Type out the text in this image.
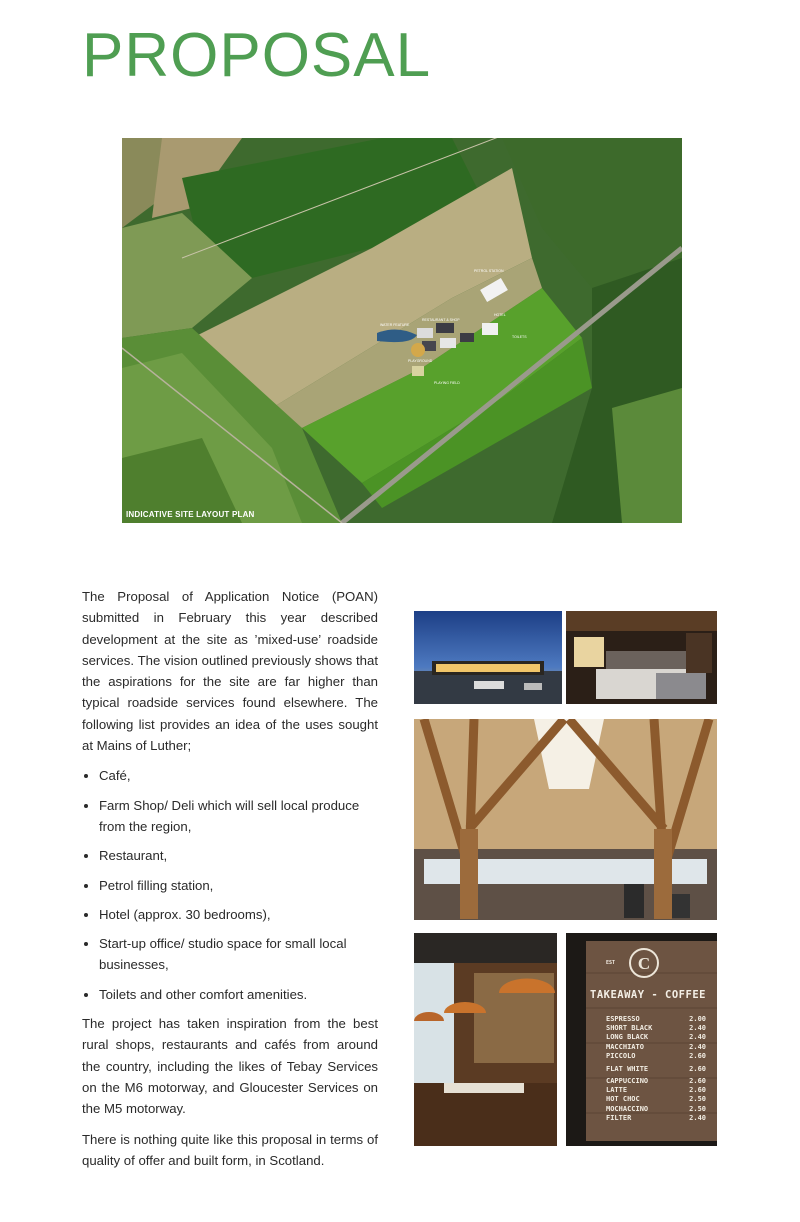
PROPOSAL
PETROL STATION
RESTAURANT & SHOP
HOTEL
TOILETS
PLAYGROUND
WATER FEATURE
PLAYING FIELD
INDICATIVE SITE LAYOUT PLAN

The Proposal of Application Notice (POAN) submitted in February this year described development at the site as ’mixed-use’ roadside services. The vision outlined previously shows that the aspirations for the site are far higher than typical roadside services found elsewhere. The following list provides an idea of the uses sought at Mains of Luther;

• Café,
• Farm Shop/ Deli which will sell local produce from the region,
• Restaurant,
• Petrol filling station,
• Hotel (approx. 30 bedrooms),
• Start-up office/ studio space for small local businesses,
• Toilets and other comfort amenities.

The project has taken inspiration from the best rural shops, restaurants and cafés from around the country, including the likes of Tebay Services on the M6 motorway, and Gloucester Services on the M5 motorway.

There is nothing quite like this proposal in terms of quality of offer and built form, in Scotland.

C
EST
TAKEAWAY - COFFEE
ESPRESSO	2.00
SHORT BLACK	2.40
LONG BLACK	2.40
MACCHIATO	2.40
PICCOLO	2.60
FLAT WHITE	2.60
CAPPUCCINO	2.60
LATTE	2.60
HOT CHOC	2.50
MOCHACCINO	2.50
FILTER	2.40
